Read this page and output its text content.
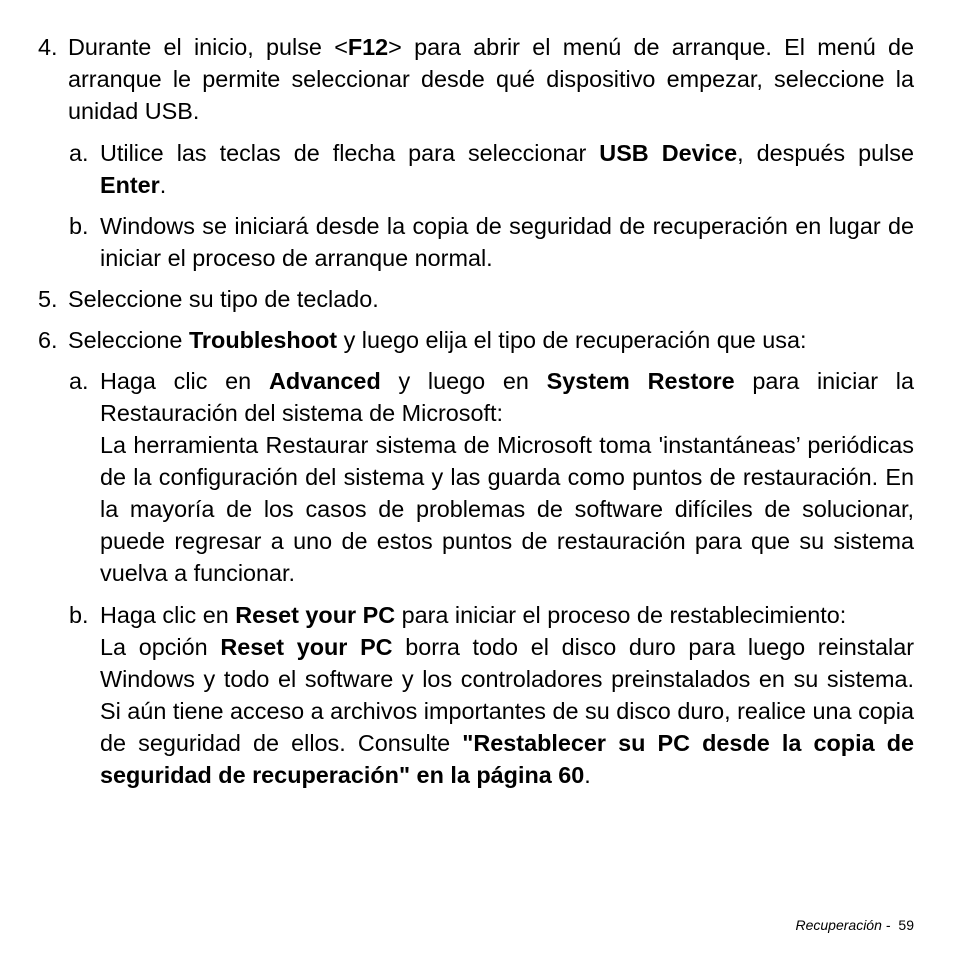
4. Durante el inicio, pulse <F12> para abrir el menú de arranque. El menú de arranque le permite seleccionar desde qué dispositivo empezar, seleccione la unidad USB.

a. Utilice las teclas de flecha para seleccionar USB Device, después pulse Enter.

b. Windows se iniciará desde la copia de seguridad de recuperación en lugar de iniciar el proceso de arranque normal.

5. Seleccione su tipo de teclado.

6. Seleccione Troubleshoot y luego elija el tipo de recuperación que usa:

a. Haga clic en Advanced y luego en System Restore para iniciar la Restauración del sistema de Microsoft:

La herramienta Restaurar sistema de Microsoft toma 'instantáneas’ periódicas de la configuración del sistema y las guarda como puntos de restauración. En la mayoría de los casos de problemas de software difíciles de solucionar, puede regresar a uno de estos puntos de restauración para que su sistema vuelva a funcionar.

b. Haga clic en Reset your PC para iniciar el proceso de restablecimiento:

La opción Reset your PC borra todo el disco duro para luego reinstalar Windows y todo el software y los controladores preinstalados en su sistema. Si aún tiene acceso a archivos importantes de su disco duro, realice una copia de seguridad de ellos. Consulte "Restablecer su PC desde la copia de seguridad de recuperación" en la página 60.

Recuperación - 59
